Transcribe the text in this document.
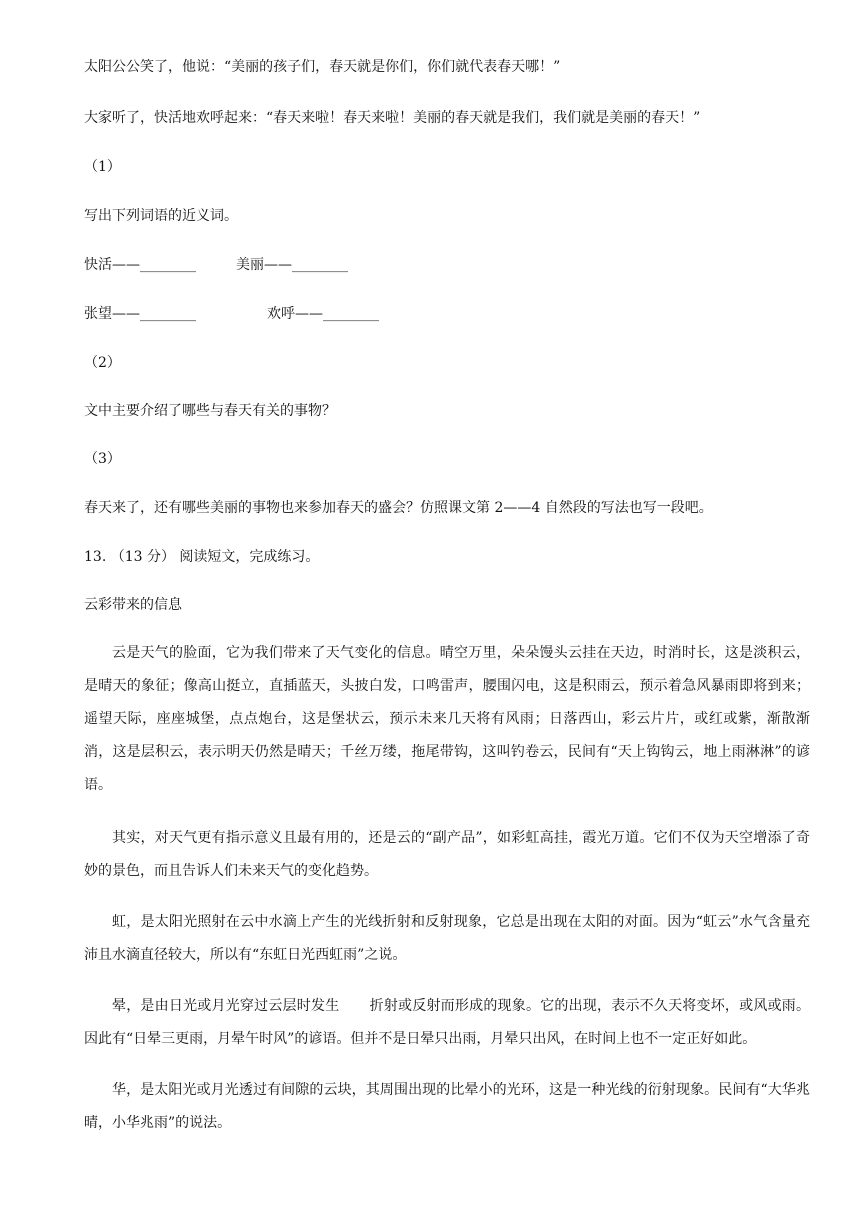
太阳公公笑了，他说：“美丽的孩子们，春天就是你们，你们就代表春天哪！”
大家听了，快活地欢呼起来：“春天来啦！春天来啦！美丽的春天就是我们，我们就是美丽的春天！”
（1）
写出下列词语的近义词。
快活——________	美丽——________
张望——________	欢呼——________
（2）
文中主要介绍了哪些与春天有关的事物？
（3）
春天来了，还有哪些美丽的事物也来参加春天的盛会？仿照课文第 2——4 自然段的写法也写一段吧。
13. （13 分） 阅读短文，完成练习。
云彩带来的信息
云是天气的脸面，它为我们带来了天气变化的信息。晴空万里，朵朵馒头云挂在天边，时消时长，这是淡积云，是晴天的象征；像高山挺立，直插蓝天，头披白发，口鸣雷声，腰围闪电，这是积雨云，预示着急风暴雨即将到来；遥望天际，座座城堡，点点炮台，这是堡状云，预示未来几天将有风雨；日落西山，彩云片片，或红或紫，渐散渐消，这是层积云，表示明天仍然是晴天；千丝万缕，拖尾带钩，这叫钓卷云，民间有“天上钩钩云，地上雨淋淋”的谚语。
其实，对天气更有指示意义且最有用的，还是云的“副产品”，如彩虹高挂，霞光万道。它们不仅为天空增添了奇妙的景色，而且告诉人们未来天气的变化趋势。
虹，是太阳光照射在云中水滴上产生的光线折射和反射现象，它总是出现在太阳的对面。因为“虹云”水气含量充沛且水滴直径较大，所以有“东虹日光西虹雨”之说。
晕，是由日光或月光穿过云层时发生 折射或反射而形成的现象。它的出现，表示不久天将变坏，或风或雨。因此有“日晕三更雨，月晕午时风”的谚语。但并不是日晕只出雨，月晕只出风，在时间上也不一定正好如此。
华，是太阳光或月光透过有间隙的云块，其周围出现的比晕小的光环，这是一种光线的衍射现象。民间有“大华兆晴，小华兆雨”的说法。
